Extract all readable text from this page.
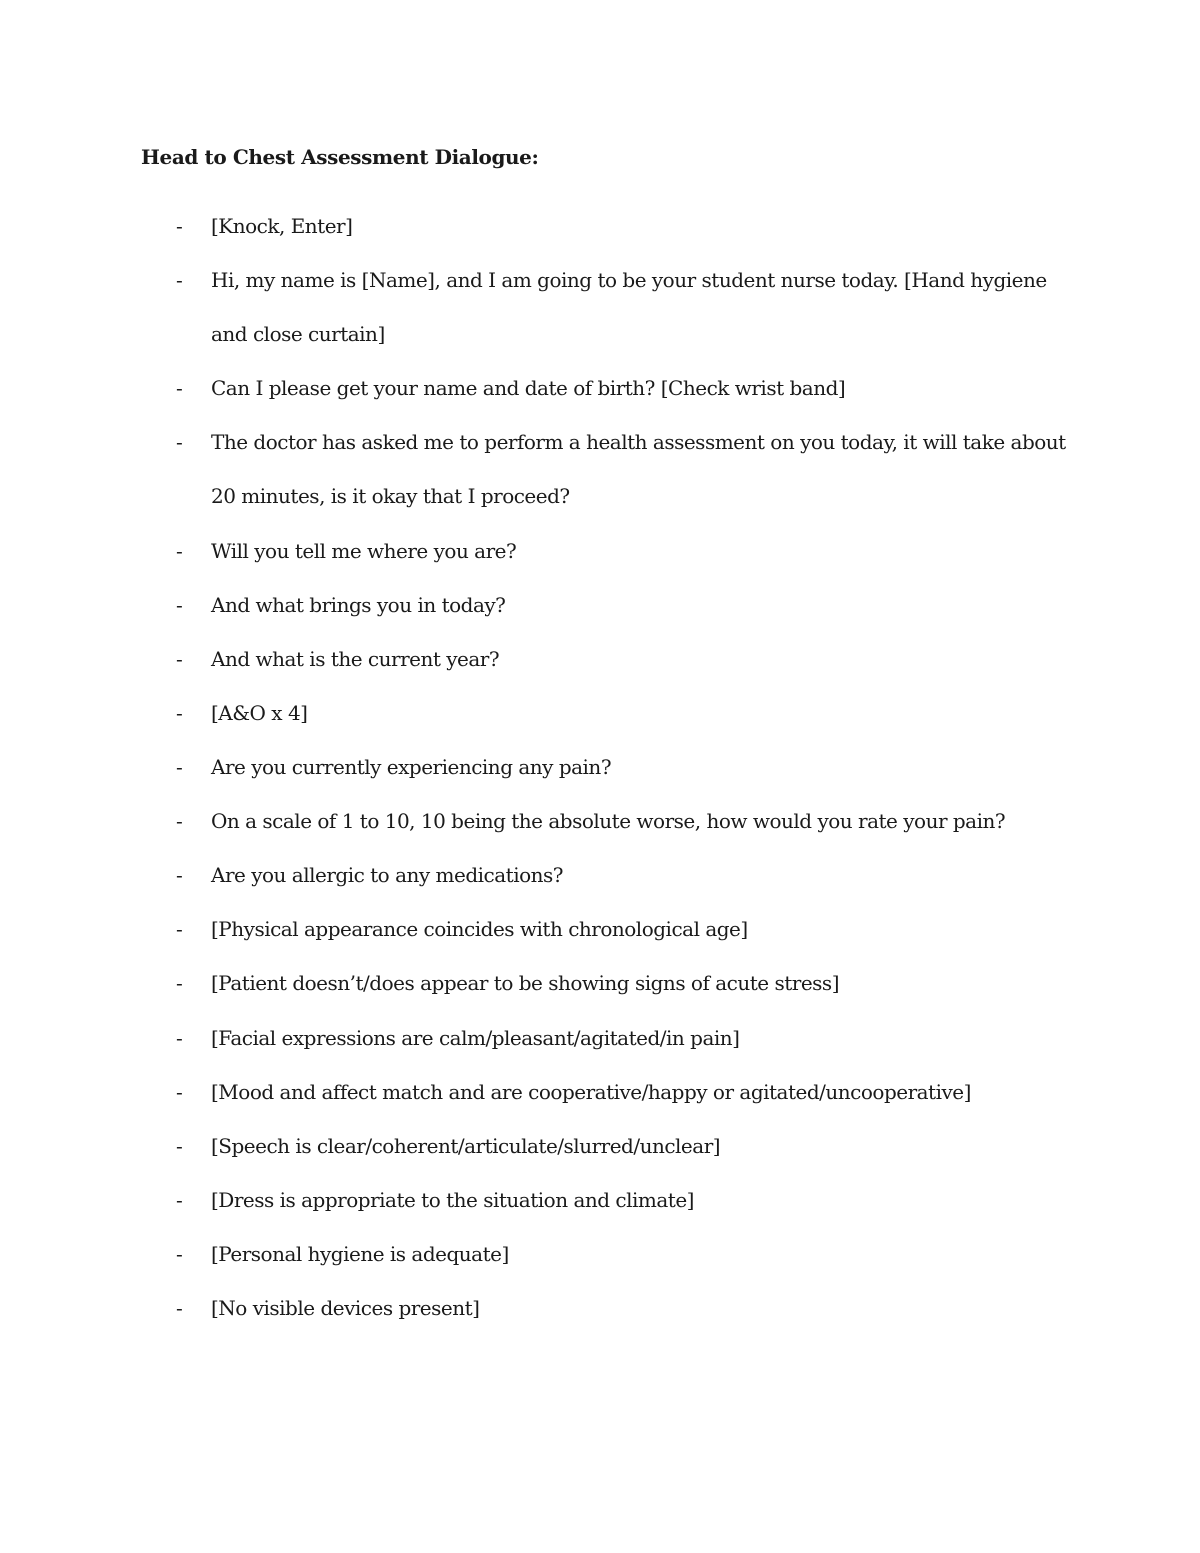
Head to Chest Assessment Dialogue:
- [Knock, Enter]
- Hi, my name is [Name], and I am going to be your student nurse today. [Hand hygiene
and close curtain]
- Can I please get your name and date of birth? [Check wrist band]
- The doctor has asked me to perform a health assessment on you today, it will take about
20 minutes, is it okay that I proceed?
- Will you tell me where you are?
- And what brings you in today?
- And what is the current year?
- [A&O x 4]
- Are you currently experiencing any pain?
- On a scale of 1 to 10, 10 being the absolute worse, how would you rate your pain?
- Are you allergic to any medications?
- [Physical appearance coincides with chronological age]
- [Patient doesn’t/does appear to be showing signs of acute stress]
- [Facial expressions are calm/pleasant/agitated/in pain]
- [Mood and affect match and are cooperative/happy or agitated/uncooperative]
- [Speech is clear/coherent/articulate/slurred/unclear]
- [Dress is appropriate to the situation and climate]
- [Personal hygiene is adequate]
- [No visible devices present]
